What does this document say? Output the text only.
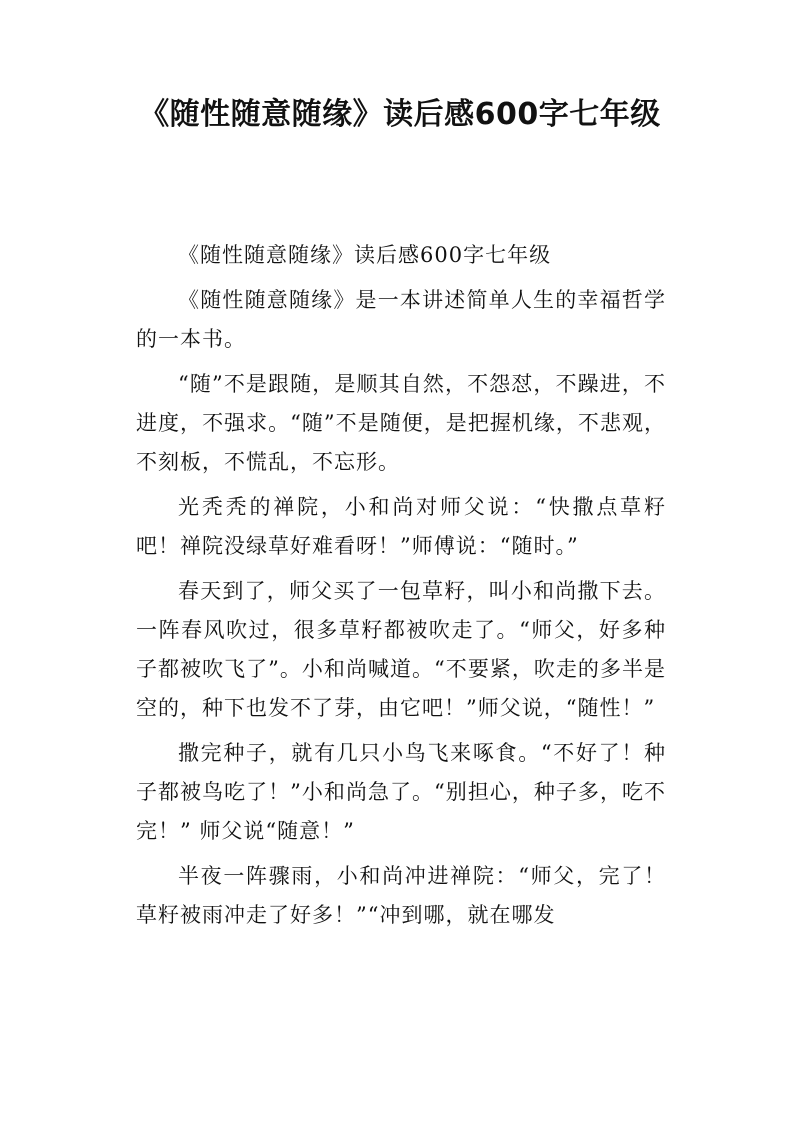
《随性随意随缘》读后感600字七年级

《随性随意随缘》读后感600字七年级

《随性随意随缘》是一本讲述简单人生的幸福哲学的一本书。

“随”不是跟随，是顺其自然，不怨怼，不躁进，不进度，不强求。“随”不是随便，是把握机缘，不悲观，不刻板，不慌乱，不忘形。

光秃秃的禅院，小和尚对师父说：“快撒点草籽吧！禅院没绿草好难看呀！”师傅说：“随时。”

春天到了，师父买了一包草籽，叫小和尚撒下去。一阵春风吹过，很多草籽都被吹走了。“师父，好多种子都被吹飞了”。小和尚喊道。“不要紧，吹走的多半是空的，种下也发不了芽，由它吧！”师父说，“随性！”

撒完种子，就有几只小鸟飞来啄食。“不好了！种子都被鸟吃了！”小和尚急了。“别担心，种子多，吃不完！” 师父说“随意！”

半夜一阵骤雨，小和尚冲进禅院：“师父，完了！草籽被雨冲走了好多！”“冲到哪，就在哪发
